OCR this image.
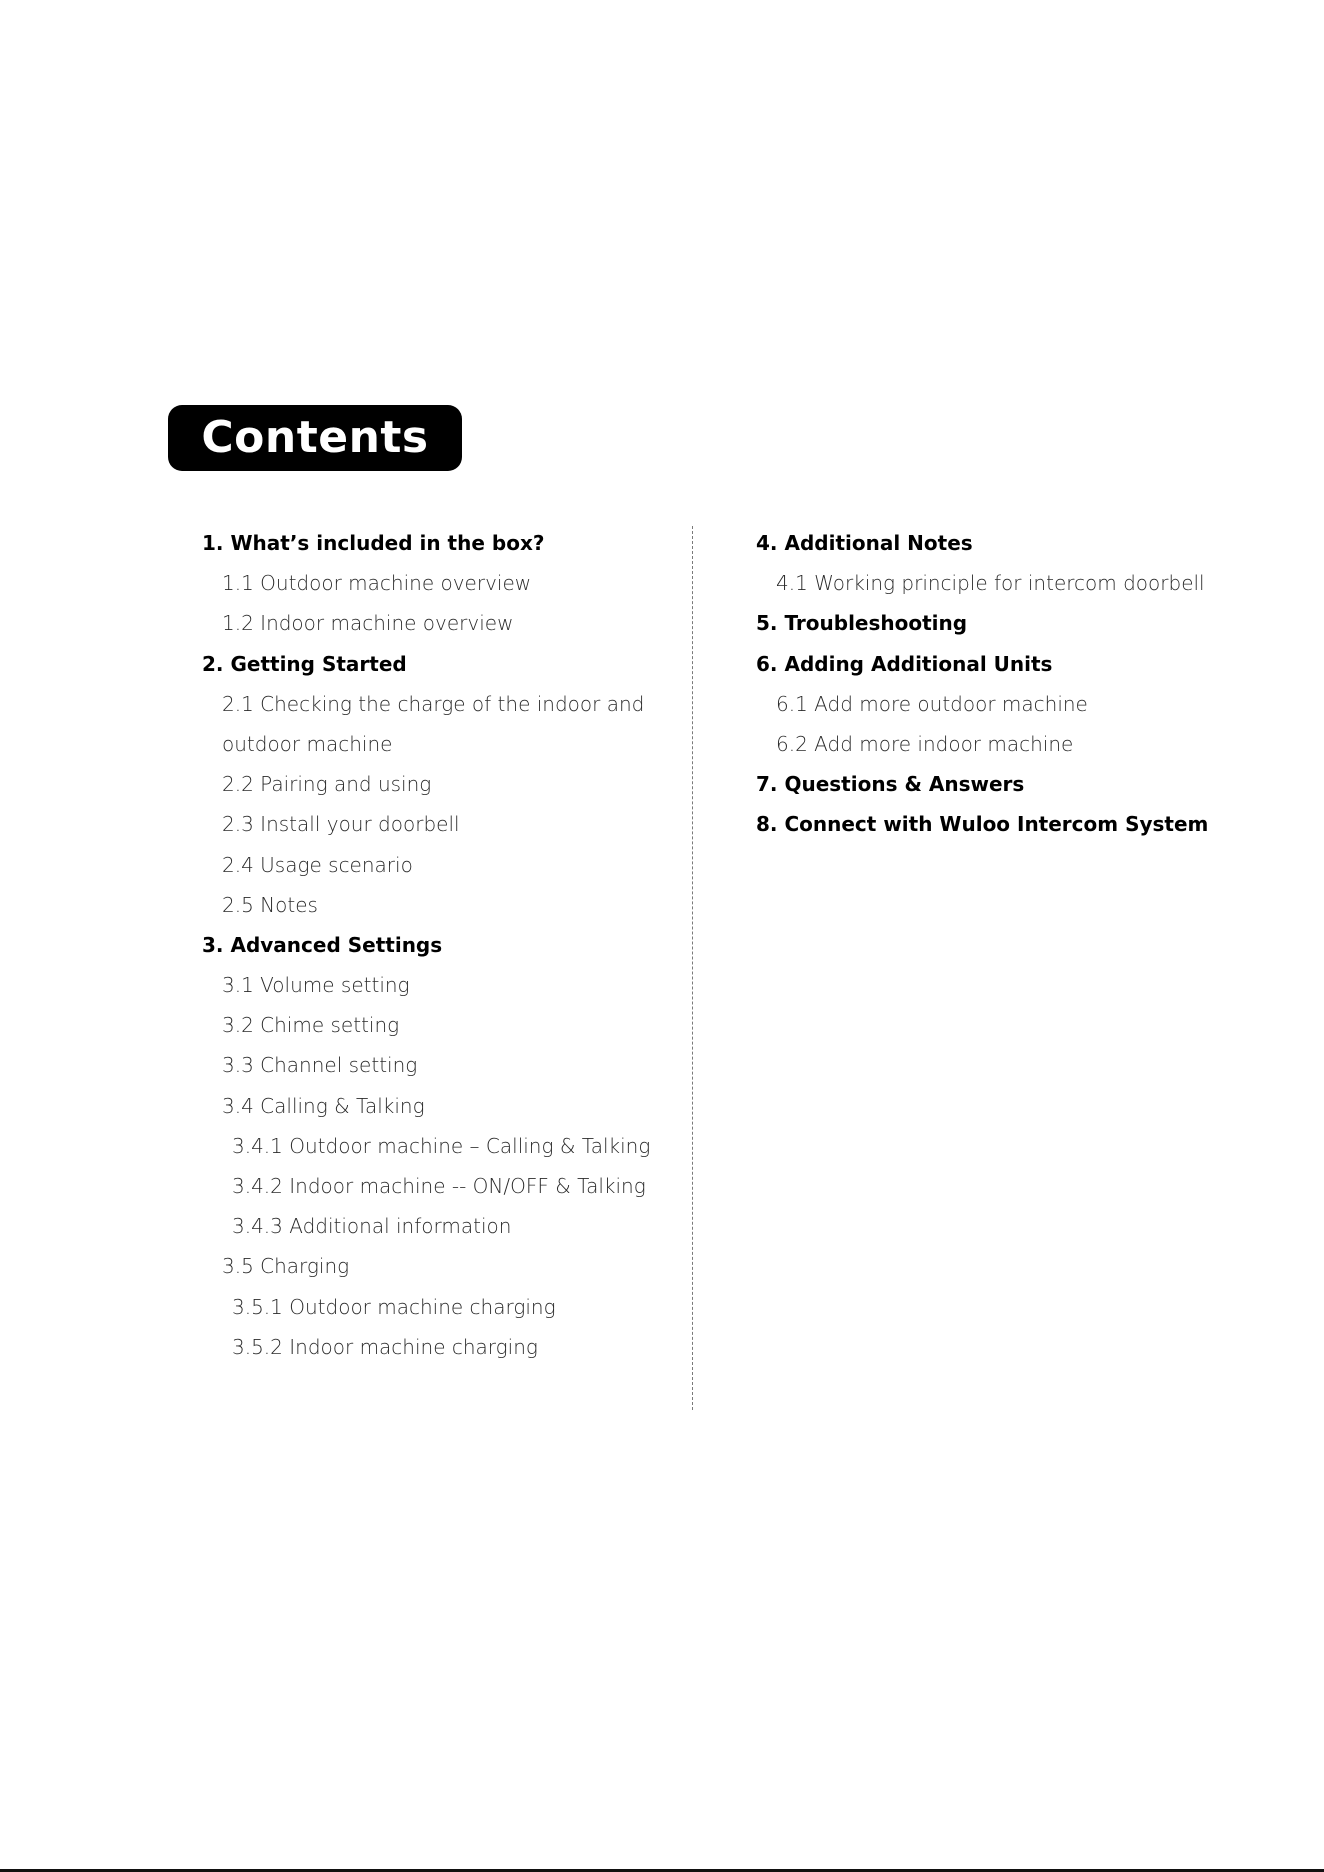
Contents
1. What’s included in the box?
1.1 Outdoor machine overview
1.2 Indoor machine overview
2. Getting Started
2.1 Checking the charge of the indoor and
outdoor machine
2.2 Pairing and using
2.3 Install your doorbell
2.4 Usage scenario
2.5 Notes
3. Advanced Settings
3.1 Volume setting
3.2 Chime setting
3.3 Channel setting
3.4 Calling & Talking
3.4.1 Outdoor machine – Calling & Talking
3.4.2 Indoor machine -- ON/OFF & Talking
3.4.3 Additional information
3.5 Charging
3.5.1 Outdoor machine charging
3.5.2 Indoor machine charging
4. Additional Notes
4.1 Working principle for intercom doorbell
5. Troubleshooting
6. Adding Additional Units
6.1 Add more outdoor machine
6.2 Add more indoor machine
7. Questions & Answers
8. Connect with Wuloo Intercom System
